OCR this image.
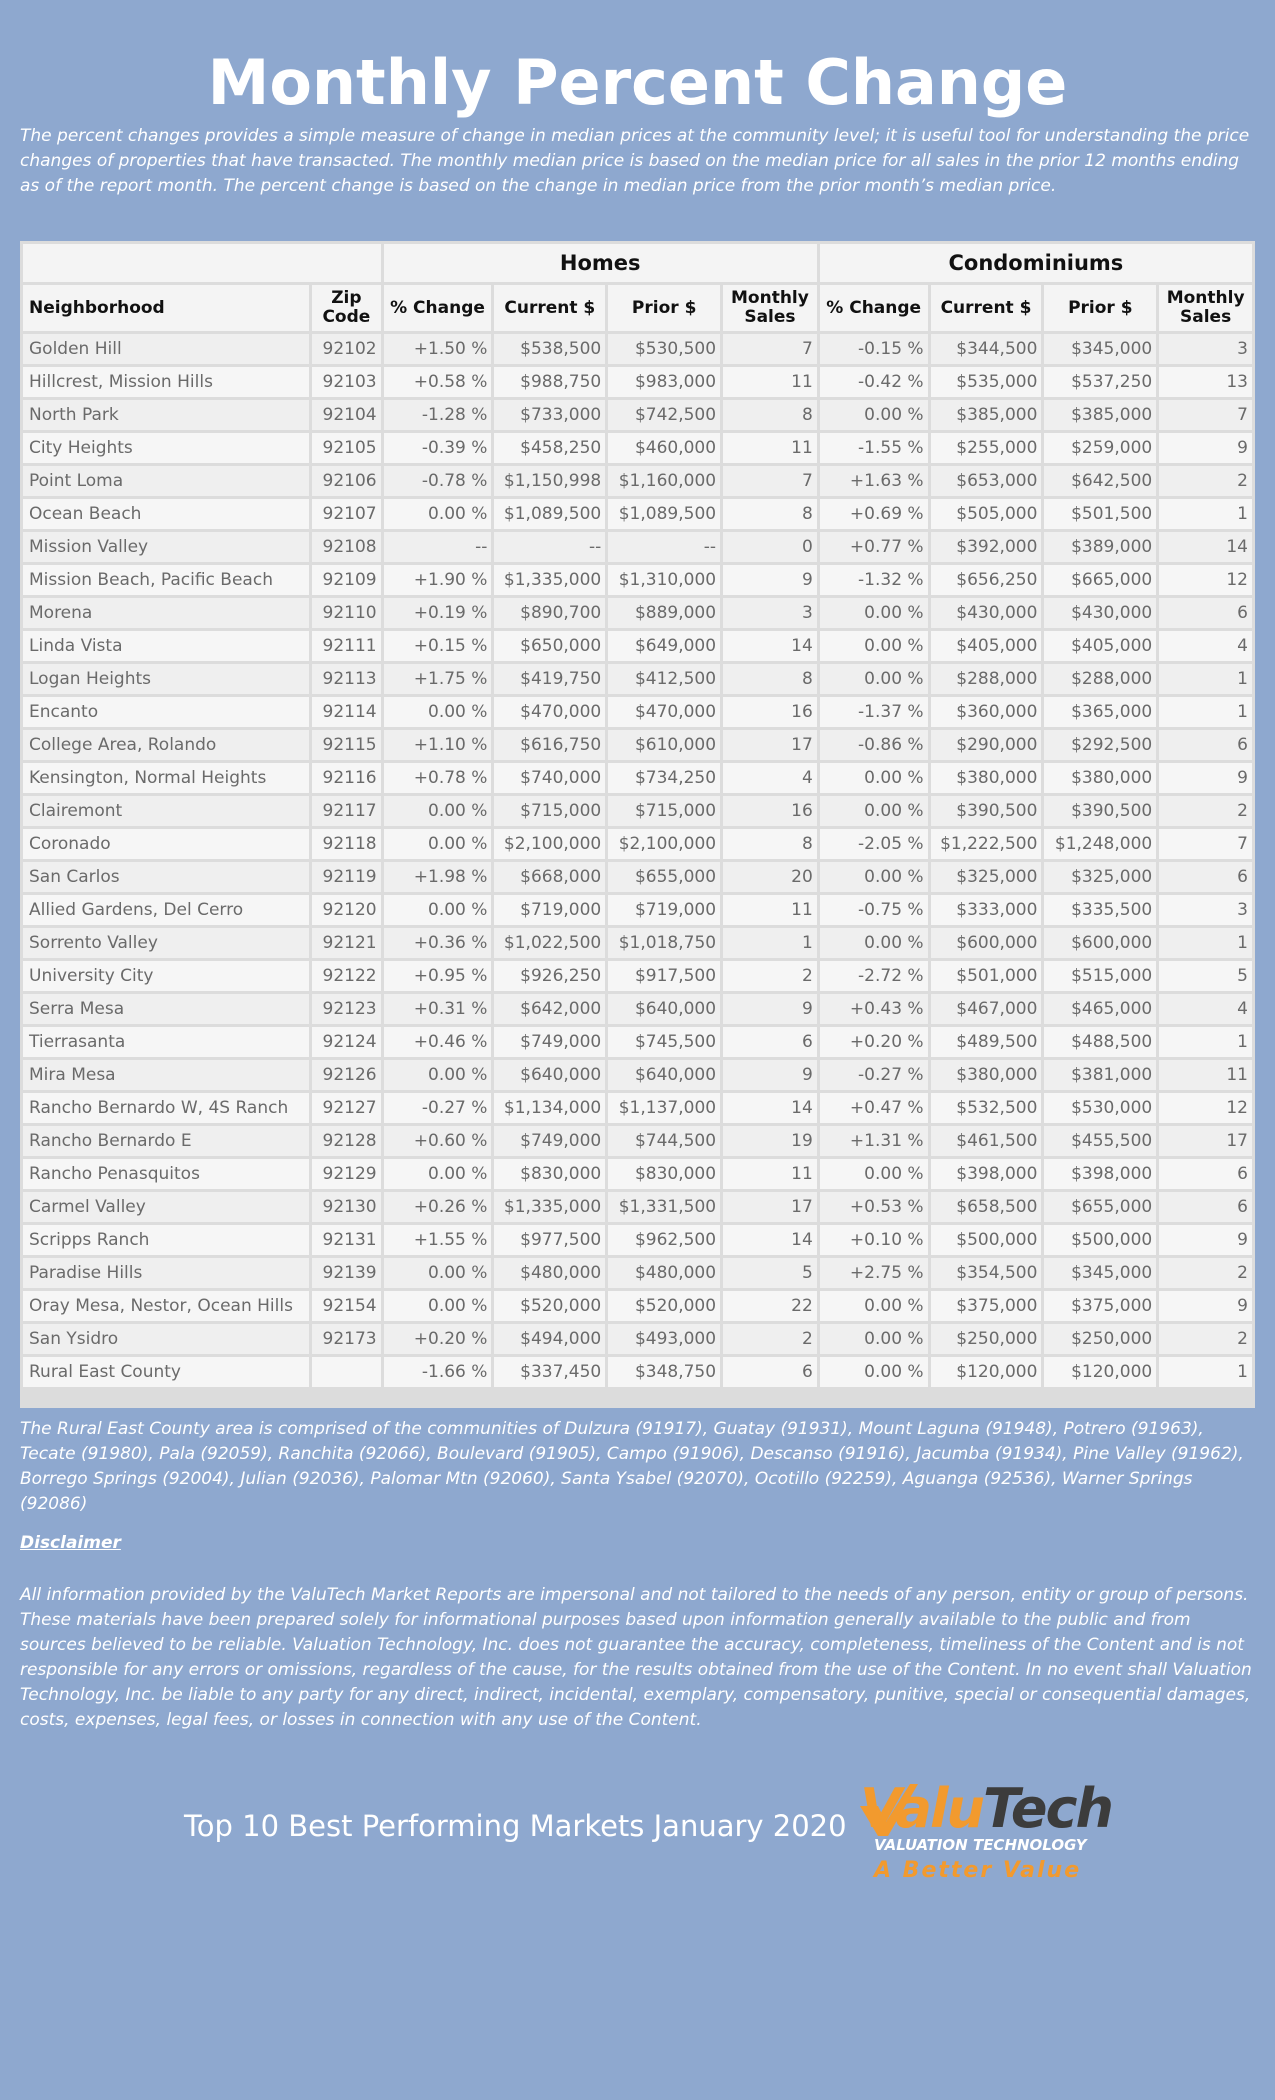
Monthly Percent Change
The percent changes provides a simple measure of change in median prices at the community level; it is useful tool for understanding the price changes of properties that have transacted. The monthly median price is based on the median price for all sales in the prior 12 months ending as of the report month. The percent change is based on the change in median price from the prior month’s median price.
		Homes				Condominiums			
Neighborhood	Zip Code	% Change	Current $	Prior $	Monthly Sales	% Change	Current $	Prior $	Monthly Sales
Golden Hill	92102	+1.50 %	$538,500	$530,500	7	-0.15 %	$344,500	$345,000	3
Hillcrest, Mission Hills	92103	+0.58 %	$988,750	$983,000	11	-0.42 %	$535,000	$537,250	13
North Park	92104	-1.28 %	$733,000	$742,500	8	0.00 %	$385,000	$385,000	7
City Heights	92105	-0.39 %	$458,250	$460,000	11	-1.55 %	$255,000	$259,000	9
Point Loma	92106	-0.78 %	$1,150,998	$1,160,000	7	+1.63 %	$653,000	$642,500	2
Ocean Beach	92107	0.00 %	$1,089,500	$1,089,500	8	+0.69 %	$505,000	$501,500	1
Mission Valley	92108	--	--	--	0	+0.77 %	$392,000	$389,000	14
Mission Beach, Pacific Beach	92109	+1.90 %	$1,335,000	$1,310,000	9	-1.32 %	$656,250	$665,000	12
Morena	92110	+0.19 %	$890,700	$889,000	3	0.00 %	$430,000	$430,000	6
Linda Vista	92111	+0.15 %	$650,000	$649,000	14	0.00 %	$405,000	$405,000	4
Logan Heights	92113	+1.75 %	$419,750	$412,500	8	0.00 %	$288,000	$288,000	1
Encanto	92114	0.00 %	$470,000	$470,000	16	-1.37 %	$360,000	$365,000	1
College Area, Rolando	92115	+1.10 %	$616,750	$610,000	17	-0.86 %	$290,000	$292,500	6
Kensington, Normal Heights	92116	+0.78 %	$740,000	$734,250	4	0.00 %	$380,000	$380,000	9
Clairemont	92117	0.00 %	$715,000	$715,000	16	0.00 %	$390,500	$390,500	2
Coronado	92118	0.00 %	$2,100,000	$2,100,000	8	-2.05 %	$1,222,500	$1,248,000	7
San Carlos	92119	+1.98 %	$668,000	$655,000	20	0.00 %	$325,000	$325,000	6
Allied Gardens, Del Cerro	92120	0.00 %	$719,000	$719,000	11	-0.75 %	$333,000	$335,500	3
Sorrento Valley	92121	+0.36 %	$1,022,500	$1,018,750	1	0.00 %	$600,000	$600,000	1
University City	92122	+0.95 %	$926,250	$917,500	2	-2.72 %	$501,000	$515,000	5
Serra Mesa	92123	+0.31 %	$642,000	$640,000	9	+0.43 %	$467,000	$465,000	4
Tierrasanta	92124	+0.46 %	$749,000	$745,500	6	+0.20 %	$489,500	$488,500	1
Mira Mesa	92126	0.00 %	$640,000	$640,000	9	-0.27 %	$380,000	$381,000	11
Rancho Bernardo W, 4S Ranch	92127	-0.27 %	$1,134,000	$1,137,000	14	+0.47 %	$532,500	$530,000	12
Rancho Bernardo E	92128	+0.60 %	$749,000	$744,500	19	+1.31 %	$461,500	$455,500	17
Rancho Penasquitos	92129	0.00 %	$830,000	$830,000	11	0.00 %	$398,000	$398,000	6
Carmel Valley	92130	+0.26 %	$1,335,000	$1,331,500	17	+0.53 %	$658,500	$655,000	6
Scripps Ranch	92131	+1.55 %	$977,500	$962,500	14	+0.10 %	$500,000	$500,000	9
Paradise Hills	92139	0.00 %	$480,000	$480,000	5	+2.75 %	$354,500	$345,000	2
Oray Mesa, Nestor, Ocean Hills	92154	0.00 %	$520,000	$520,000	22	0.00 %	$375,000	$375,000	9
San Ysidro	92173	+0.20 %	$494,000	$493,000	2	0.00 %	$250,000	$250,000	2
Rural East County		-1.66 %	$337,450	$348,750	6	0.00 %	$120,000	$120,000	1
The Rural East County area is comprised of the communities of Dulzura (91917), Guatay (91931), Mount Laguna (91948), Potrero (91963), Tecate (91980), Pala (92059), Ranchita (92066), Boulevard (91905), Campo (91906), Descanso (91916), Jacumba (91934), Pine Valley (91962), Borrego Springs (92004), Julian (92036), Palomar Mtn (92060), Santa Ysabel (92070), Ocotillo (92259), Aguanga (92536), Warner Springs (92086)
Disclaimer
All information provided by the ValuTech Market Reports are impersonal and not tailored to the needs of any person, entity or group of persons. These materials have been prepared solely for informational purposes based upon information generally available to the public and from sources believed to be reliable. Valuation Technology, Inc. does not guarantee the accuracy, completeness, timeliness of the Content and is not responsible for any errors or omissions, regardless of the cause, for the results obtained from the use of the Content. In no event shall Valuation Technology, Inc. be liable to any party for any direct, indirect, incidental, exemplary, compensatory, punitive, special or consequential damages, costs, expenses, legal fees, or losses in connection with any use of the Content.
Top 10 Best Performing Markets January 2020 ValuTech
VALUATION TECHNOLOGY
A Better Value
